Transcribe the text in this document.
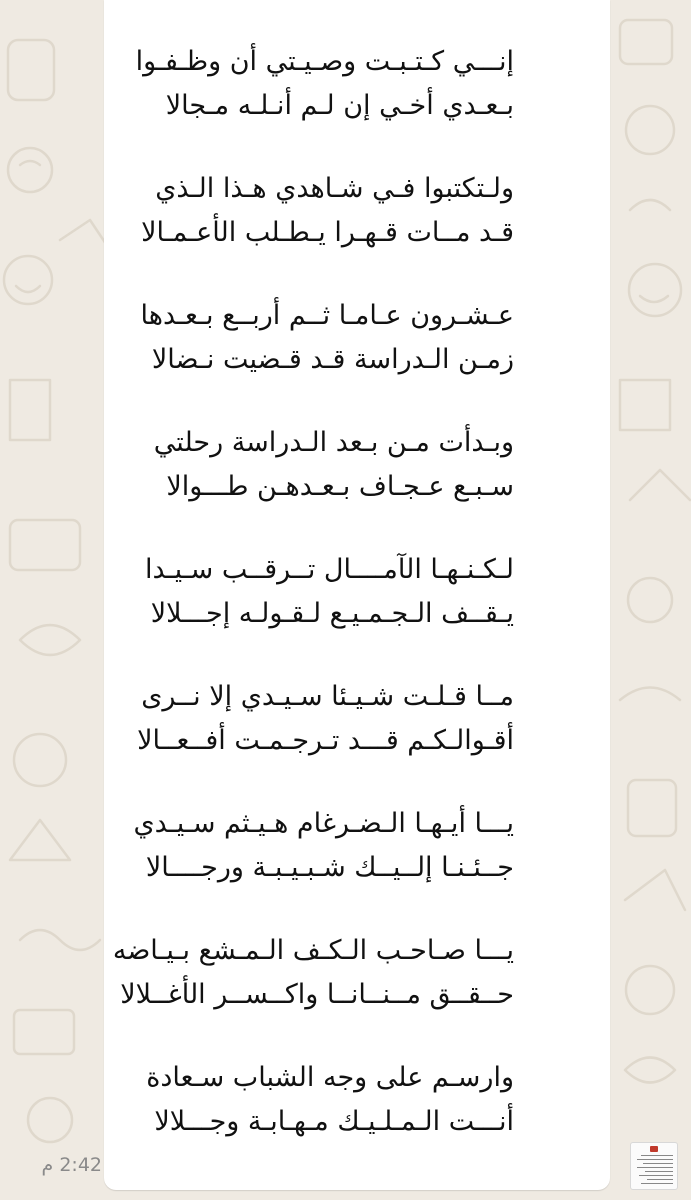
إنـــي كـتـبـت وصـيـتي أن وظـفـوا
بـعـدي أخـي إن لـم أنـلـه مـجالا
ولـتكتبوا فـي شـاهدي هـذا الـذي
قـد مــات قـهـرا يـطـلب الأعـمـالا
عـشـرون عـامـا ثــم أربــع بـعـدها
زمـن الـدراسة قـد قـضيت نـضالا
وبـدأت مـن بـعد الـدراسة رحلتي
سـبـع عـجـاف بـعـدهـن طـــوالا
لـكـنـهـا الآمــــال تــرقــب سـيـدا
يـقــف الـجـمـيـع لـقـولـه إجـــلالا
مــا قـلـت شـيـئا سـيـدي إلا نــرى
أقـوالـكـم قـــد تـرجـمـت أفــعــالا
يـــا أيـهـا الـضـرغام هـيـثم سـيـدي
جــئـنـا إلــيــك شـبـيـبـة ورجــــالا
يـــا صـاحـب الـكـف الـمـشع بـيـاضه
حــقــق مــنــانــا واكــســر الأغــلالا
وارسـم على وجه الشباب سـعادة
أنـــت الـمـلـيـك مـهـابـة وجـــلالا
2:42 م
